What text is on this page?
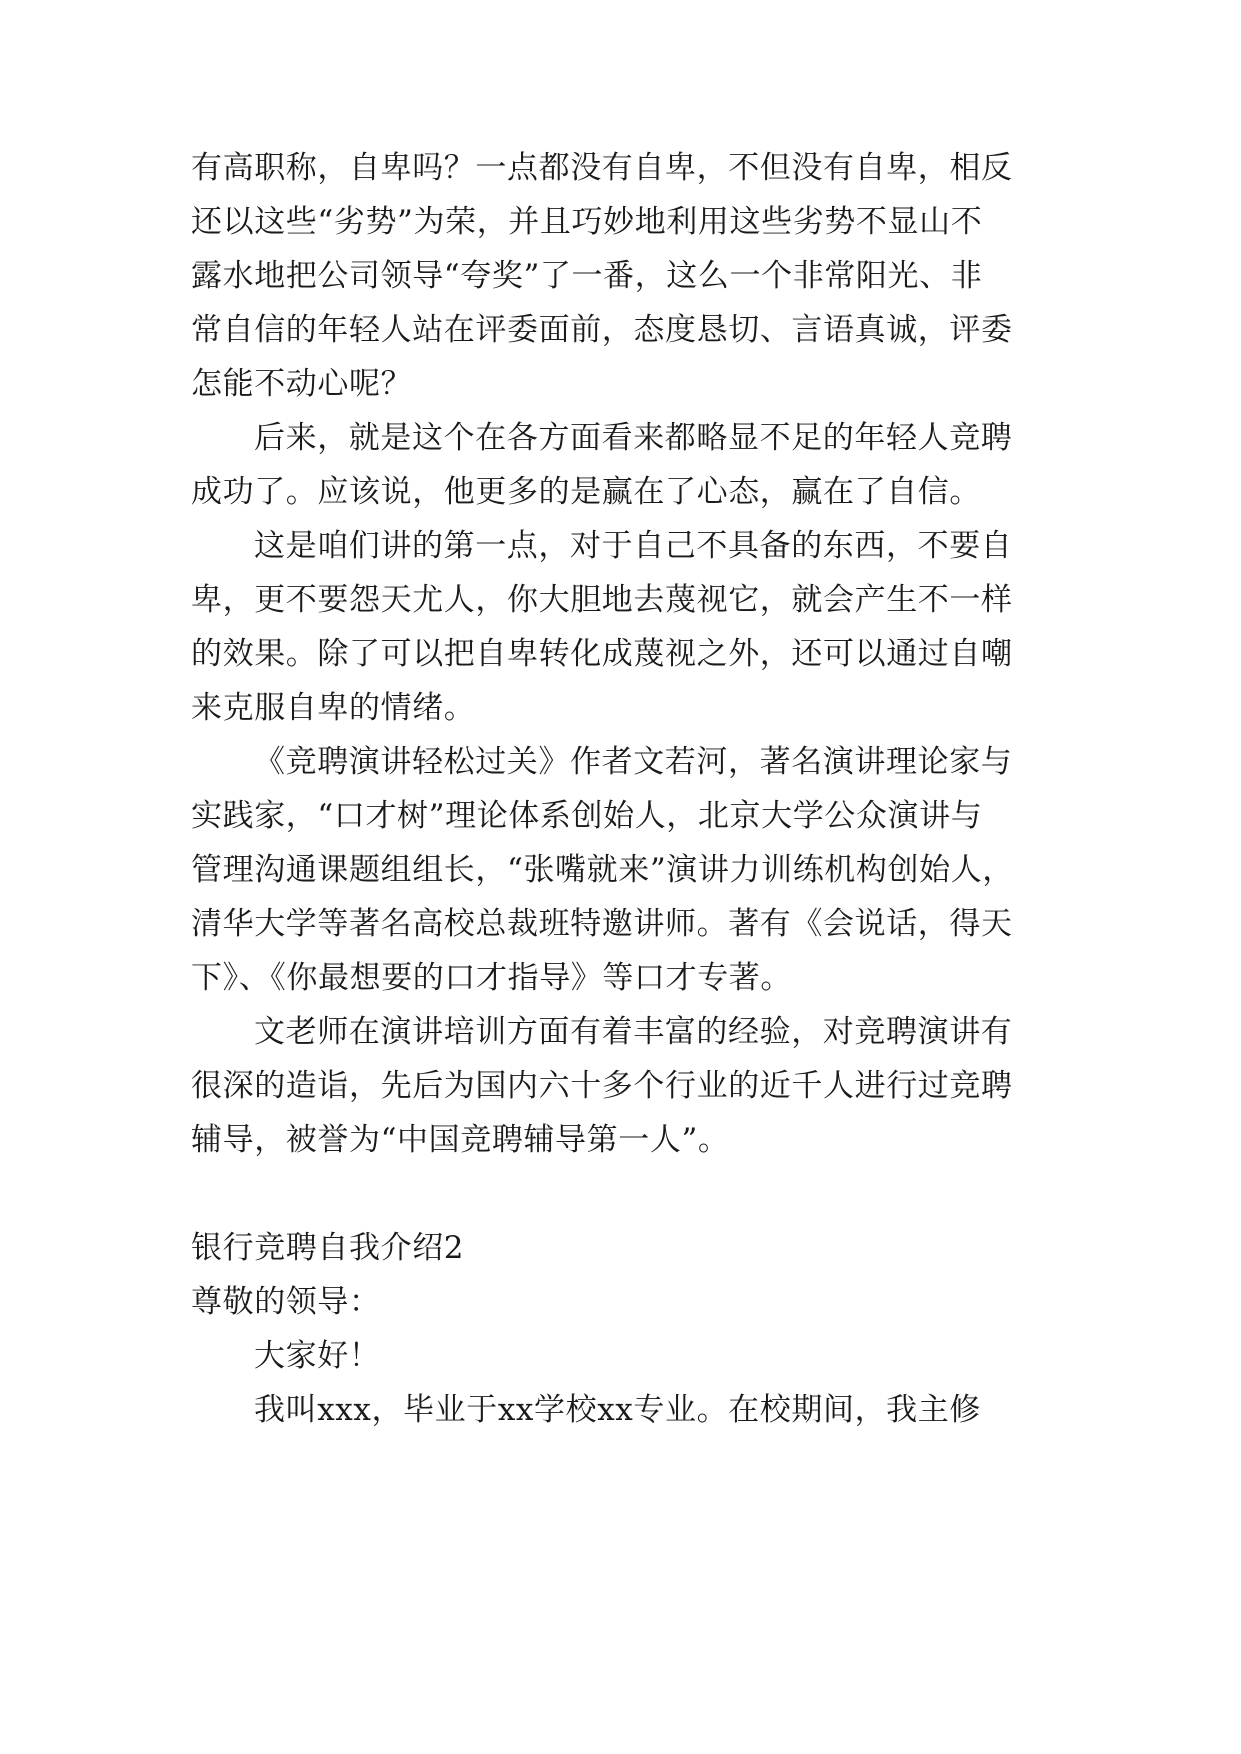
有高职称，自卑吗？一点都没有自卑，不但没有自卑，相反
还以这些“劣势”为荣，并且巧妙地利用这些劣势不显山不
露水地把公司领导“夸奖”了一番，这么一个非常阳光、非
常自信的年轻人站在评委面前，态度恳切、言语真诚，评委
怎能不动心呢？
后来，就是这个在各方面看来都略显不足的年轻人竞聘
成功了。应该说，他更多的是赢在了心态，赢在了自信。
这是咱们讲的第一点，对于自己不具备的东西，不要自
卑，更不要怨天尤人，你大胆地去蔑视它，就会产生不一样
的效果。除了可以把自卑转化成蔑视之外，还可以通过自嘲
来克服自卑的情绪。
《竞聘演讲轻松过关》作者文若河，著名演讲理论家与
实践家，“口才树”理论体系创始人，北京大学公众演讲与
管理沟通课题组组长，“张嘴就来”演讲力训练机构创始人，
清华大学等著名高校总裁班特邀讲师。著有《会说话，得天
下》、《你最想要的口才指导》等口才专著。
文老师在演讲培训方面有着丰富的经验，对竞聘演讲有
很深的造诣，先后为国内六十多个行业的近千人进行过竞聘
辅导，被誉为“中国竞聘辅导第一人”。
银行竞聘自我介绍2
尊敬的领导：
大家好！
我叫xxx，毕业于xx学校xx专业。在校期间，我主修
